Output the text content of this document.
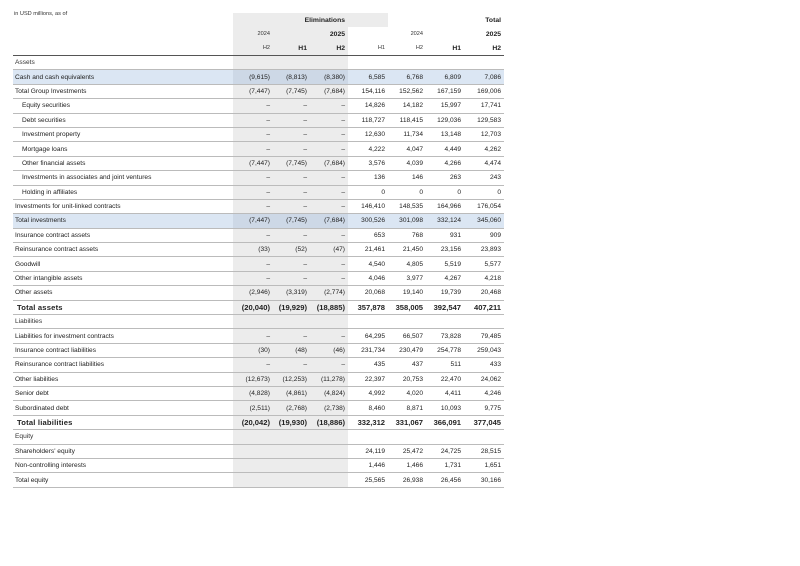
in USD millions, as of
		Eliminations					Total
	2024		2025		2024		2025
	H2	H1	H2	H1	H2	H1	H2
Assets							
Cash and cash equivalents	(9,615)	(8,813)	(8,380)	6,585	6,768	6,809	7,086
Total Group Investments	(7,447)	(7,745)	(7,684)	154,116	152,562	167,159	169,006
Equity securities	–	–	–	14,826	14,182	15,997	17,741
Debt securities	–	–	–	118,727	118,415	129,036	129,583
Investment property	–	–	–	12,630	11,734	13,148	12,703
Mortgage loans	–	–	–	4,222	4,047	4,449	4,262
Other financial assets	(7,447)	(7,745)	(7,684)	3,576	4,039	4,266	4,474
Investments in associates and joint ventures	–	–	–	136	146	263	243
Holding in affiliates	–	–	–	0	0	0	0
Investments for unit-linked contracts	–	–	–	146,410	148,535	164,966	176,054
Total investments	(7,447)	(7,745)	(7,684)	300,526	301,098	332,124	345,060
Insurance contract assets	–	–	–	653	768	931	909
Reinsurance contract assets	(33)	(52)	(47)	21,461	21,450	23,156	23,893
Goodwill	–	–	–	4,540	4,805	5,519	5,577
Other intangible assets	–	–	–	4,046	3,977	4,267	4,218
Other assets	(2,946)	(3,319)	(2,774)	20,068	19,140	19,739	20,468
Total assets	(20,040)	(19,929)	(18,885)	357,878	358,005	392,547	407,211
Liabilities							
Liabilities for investment contracts	–	–	–	64,295	66,507	73,828	79,485
Insurance contract liabilities	(30)	(48)	(46)	231,734	230,479	254,778	259,043
Reinsurance contract liabilities	–	–	–	435	437	511	433
Other liabilities	(12,673)	(12,253)	(11,278)	22,397	20,753	22,470	24,062
Senior debt	(4,828)	(4,861)	(4,824)	4,992	4,020	4,411	4,246
Subordinated debt	(2,511)	(2,768)	(2,738)	8,460	8,871	10,093	9,775
Total liabilities	(20,042)	(19,930)	(18,886)	332,312	331,067	366,091	377,045
Equity							
Shareholders' equity				24,119	25,472	24,725	28,515
Non-controlling interests				1,446	1,466	1,731	1,651
Total equity				25,565	26,938	26,456	30,166
